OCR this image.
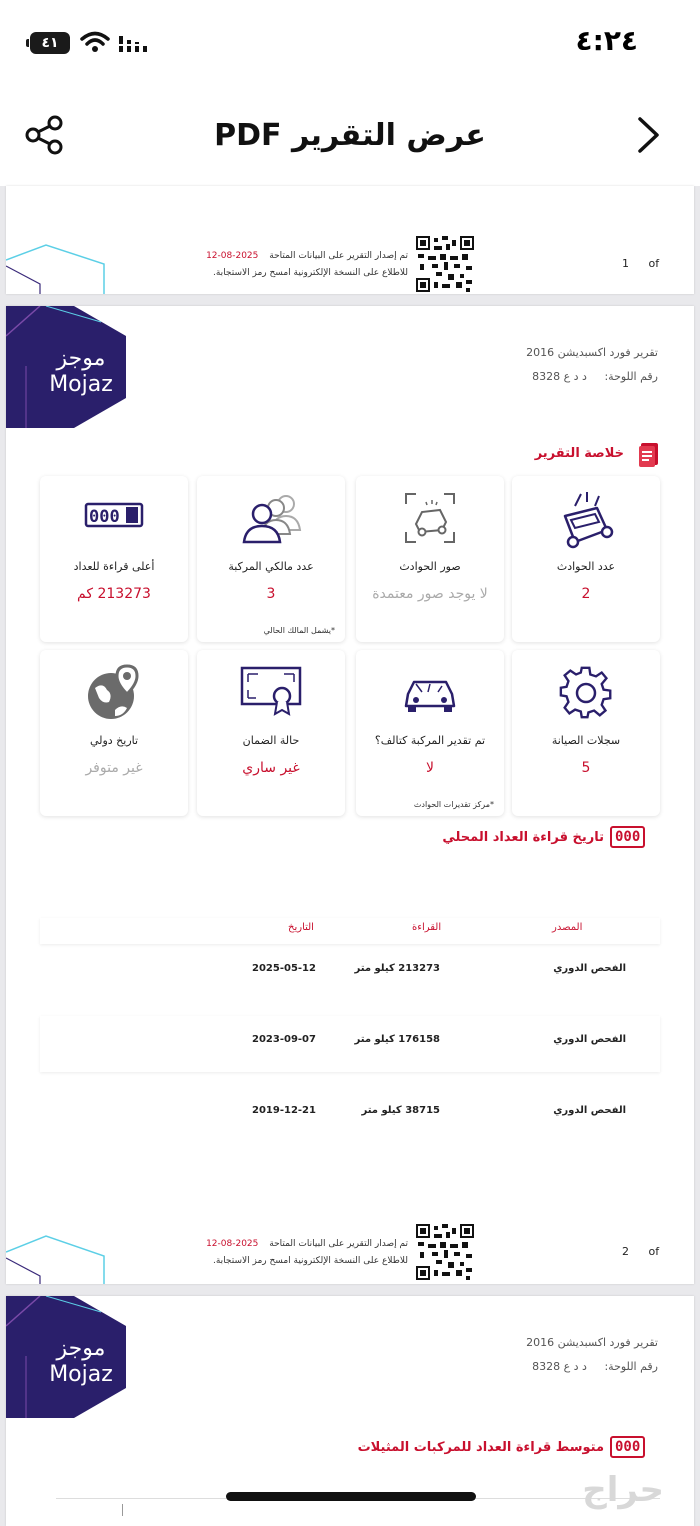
٤١	٤:٢٤
عرض التقرير PDF
تم إصدار التقرير على البيانات المتاحة 2025-08-12
للاطلاع على النسخة الإلكترونية امسح رمز الاستجابة.
1 of
موجز
Mojaz
تقرير فورد اكسبديشن 2016
رقم اللوحة: د د ع 8328
خلاصة التقرير
عدد الحوادث
2
صور الحوادث
لا يوجد صور معتمدة
عدد مالكي المركبة
3
*يشمل المالك الحالي
000
أعلى قراءة للعداد
213273 كم
سجلات الصيانة
5
تم تقدير المركبة كتالف؟
لا
*مركز تقديرات الحوادث
حالة الضمان
غير ساري
تاريخ دولي
غير متوفر
000
تاريخ قراءة العداد المحلي
المصدر
القراءة
التاريخ
الفحص الدوري
213273 كيلو متر
2025-05-12
الفحص الدوري
176158 كيلو متر
2023-09-07
الفحص الدوري
38715 كيلو متر
2019-12-21
تم إصدار التقرير على البيانات المتاحة 2025-08-12
للاطلاع على النسخة الإلكترونية امسح رمز الاستجابة.
2 of
موجز
Mojaz
تقرير فورد اكسبديشن 2016
رقم اللوحة: د د ع 8328
000
متوسط قراءة العداد للمركبات المثيلات
حراج
